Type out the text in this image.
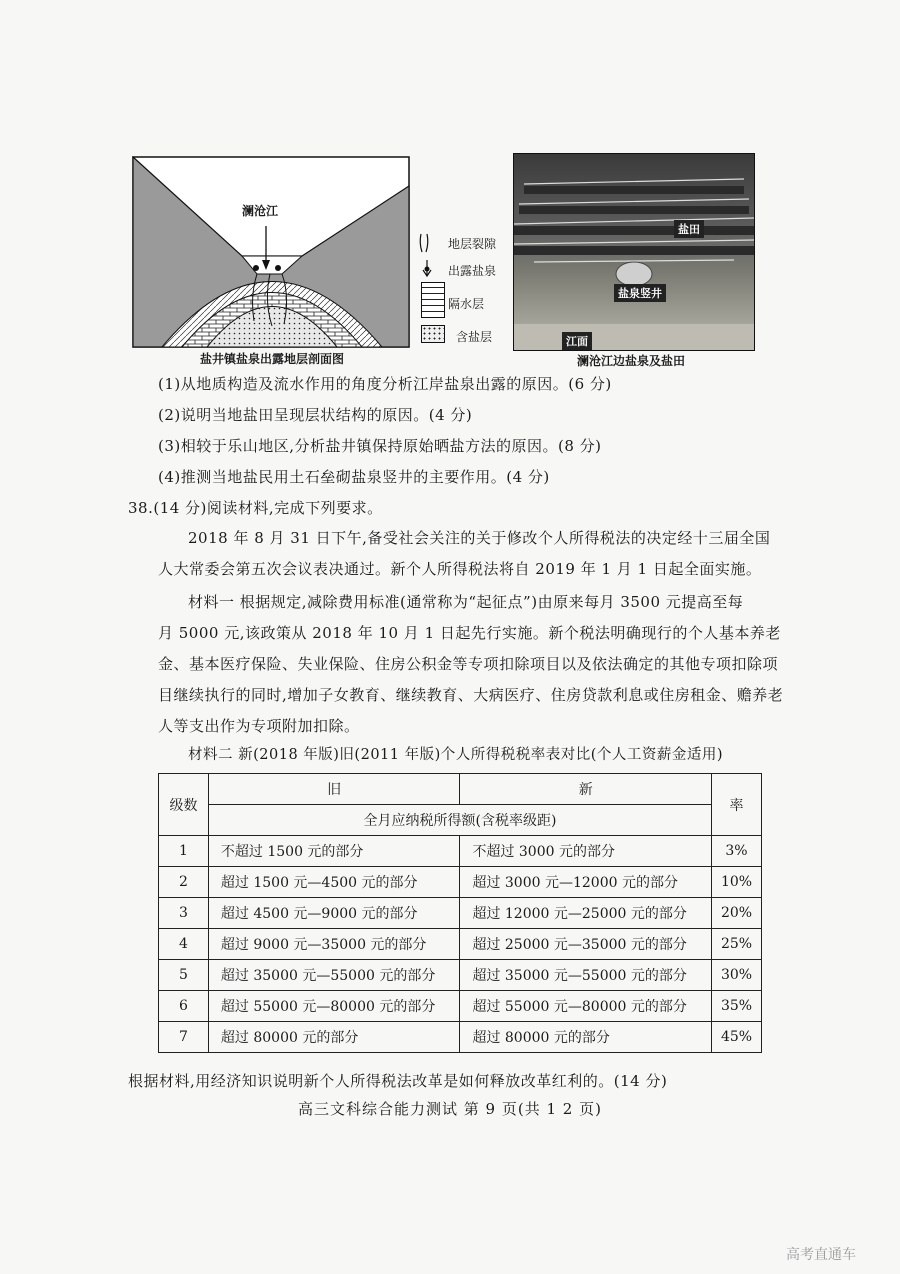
澜沧江
地层裂隙
出露盐泉
隔水层
含盐层
盐井镇盐泉出露地层剖面图
盐田
盐泉竖井
江面
澜沧江边盐泉及盐田
(1)从地质构造及流水作用的角度分析江岸盐泉出露的原因。(6 分)
(2)说明当地盐田呈现层状结构的原因。(4 分)
(3)相较于乐山地区,分析盐井镇保持原始晒盐方法的原因。(8 分)
(4)推测当地盐民用土石垒砌盐泉竖井的主要作用。(4 分)
38.(14 分)阅读材料,完成下列要求。
2018 年 8 月 31 日下午,备受社会关注的关于修改个人所得税法的决定经十三届全国
人大常委会第五次会议表决通过。新个人所得税法将自 2019 年 1 月 1 日起全面实施。
材料一 根据规定,减除费用标准(通常称为“起征点”)由原来每月 3500 元提高至每
月 5000 元,该政策从 2018 年 10 月 1 日起先行实施。新个税法明确现行的个人基本养老
金、基本医疗保险、失业保险、住房公积金等专项扣除项目以及依法确定的其他专项扣除项
目继续执行的同时,增加子女教育、继续教育、大病医疗、住房贷款利息或住房租金、赡养老
人等支出作为专项附加扣除。
材料二 新(2018 年版)旧(2011 年版)个人所得税税率表对比(个人工资薪金适用)
级数	旧	新	率
	全月应纳税所得额(含税率级距)		
1	不超过 1500 元的部分	不超过 3000 元的部分	3%
2	超过 1500 元—4500 元的部分	超过 3000 元—12000 元的部分	10%
3	超过 4500 元—9000 元的部分	超过 12000 元—25000 元的部分	20%
4	超过 9000 元—35000 元的部分	超过 25000 元—35000 元的部分	25%
5	超过 35000 元—55000 元的部分	超过 35000 元—55000 元的部分	30%
6	超过 55000 元—80000 元的部分	超过 55000 元—80000 元的部分	35%
7	超过 80000 元的部分	超过 80000 元的部分	45%
根据材料,用经济知识说明新个人所得税法改革是如何释放改革红利的。(14 分)
高三文科综合能力测试 第 9 页(共 1 2 页)
高考直通车
